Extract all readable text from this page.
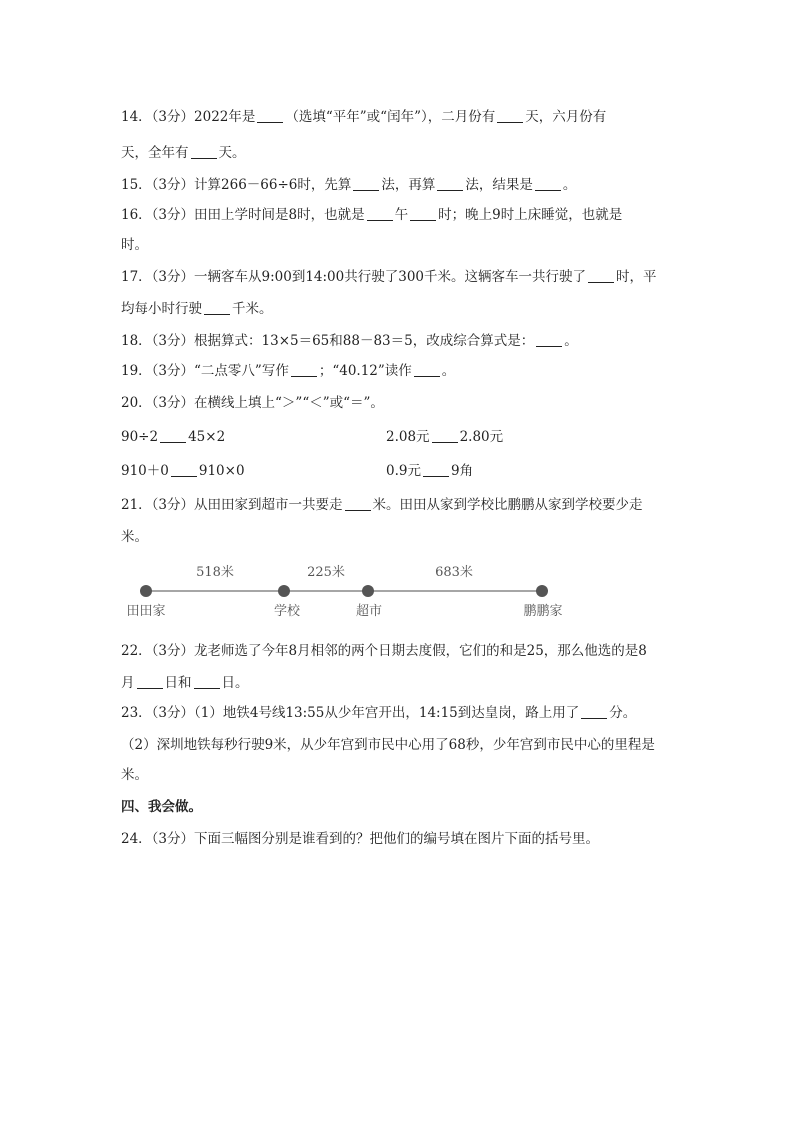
14．（3分）2022年是 （选填“平年”或“闰年”），二月份有 天，六月份有
天，全年有 天。
15．（3分）计算266－66÷6时，先算 法，再算 法，结果是 。
16．（3分）田田上学时间是8时，也就是 午 时；晚上9时上床睡觉，也就是
时。
17．（3分）一辆客车从9:00到14:00共行驶了300千米。这辆客车一共行驶了 时，平
均每小时行驶 千米。
18．（3分）根据算式：13×5＝65和88－83＝5，改成综合算式是： 。
19．（3分）“二点零八”写作 ；“40.12”读作 。
20．（3分）在横线上填上“＞”“＜”或“＝”。
90÷2 45×2	2.08元 2.80元
910＋0 910×0	0.9元 9角
21．（3分）从田田家到超市一共要走 米。田田从家到学校比鹏鹏从家到学校要少走
米。
518米	225米	683米
田田家	学校	超市	鹏鹏家
22．（3分）龙老师选了今年8月相邻的两个日期去度假，它们的和是25，那么他选的是8
月 日和 日。
23．（3分）（1）地铁4号线13:55从少年宫开出，14:15到达皇岗，路上用了 分。
（2）深圳地铁每秒行驶9米，从少年宫到市民中心用了68秒，少年宫到市民中心的里程是
米。
四、我会做。
24．（3分）下面三幅图分别是谁看到的？把他们的编号填在图片下面的括号里。
